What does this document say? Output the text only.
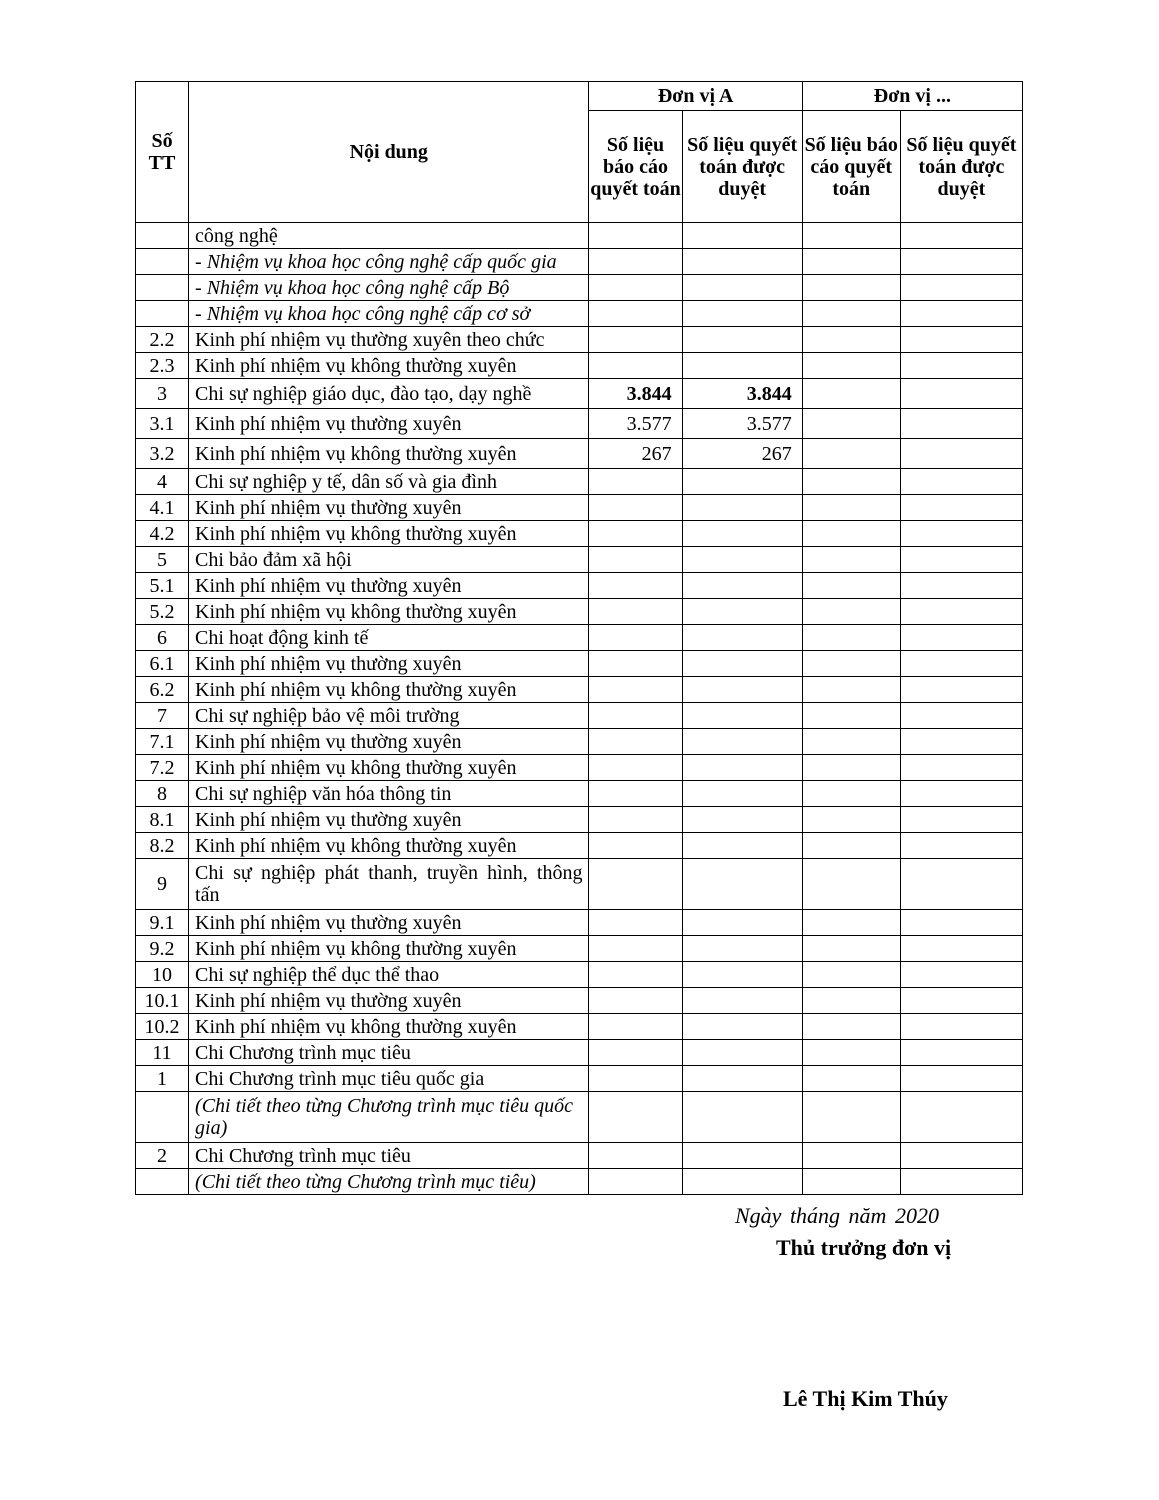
Số TT	Nội dung	Đơn vị A		Đơn vị ...	
		Số liệu báo cáo quyết toán	Số liệu quyết toán được duyệt	Số liệu báo cáo quyết toán	Số liệu quyết toán được duyệt
	công nghệ				
	- Nhiệm vụ khoa học công nghệ cấp quốc gia				
	- Nhiệm vụ khoa học công nghệ cấp Bộ				
	- Nhiệm vụ khoa học công nghệ cấp cơ sở				
2.2	Kinh phí nhiệm vụ thường xuyên theo chức				
2.3	Kinh phí nhiệm vụ không thường xuyên				
3	Chi sự nghiệp giáo dục, đào tạo, dạy nghề	3.844	3.844		
3.1	Kinh phí nhiệm vụ thường xuyên	3.577	3.577		
3.2	Kinh phí nhiệm vụ không thường xuyên	267	267		
4	Chi sự nghiệp y tế, dân số và gia đình				
4.1	Kinh phí nhiệm vụ thường xuyên				
4.2	Kinh phí nhiệm vụ không thường xuyên				
5	Chi bảo đảm xã hội				
5.1	Kinh phí nhiệm vụ thường xuyên				
5.2	Kinh phí nhiệm vụ không thường xuyên				
6	Chi hoạt động kinh tế				
6.1	Kinh phí nhiệm vụ thường xuyên				
6.2	Kinh phí nhiệm vụ không thường xuyên				
7	Chi sự nghiệp bảo vệ môi trường				
7.1	Kinh phí nhiệm vụ thường xuyên				
7.2	Kinh phí nhiệm vụ không thường xuyên				
8	Chi sự nghiệp văn hóa thông tin				
8.1	Kinh phí nhiệm vụ thường xuyên				
8.2	Kinh phí nhiệm vụ không thường xuyên				
9	Chi sự nghiệp phát thanh, truyền hình, thông tấn				
9.1	Kinh phí nhiệm vụ thường xuyên				
9.2	Kinh phí nhiệm vụ không thường xuyên				
10	Chi sự nghiệp thể dục thể thao				
10.1	Kinh phí nhiệm vụ thường xuyên				
10.2	Kinh phí nhiệm vụ không thường xuyên				
11	Chi Chương trình mục tiêu				
1	Chi Chương trình mục tiêu quốc gia				
	(Chi tiết theo từng Chương trình mục tiêu quốc gia)				
2	Chi Chương trình mục tiêu				
	(Chi tiết theo từng Chương trình mục tiêu)				
Ngày tháng năm 2020
Thủ trưởng đơn vị
Lê Thị Kim Thúy
